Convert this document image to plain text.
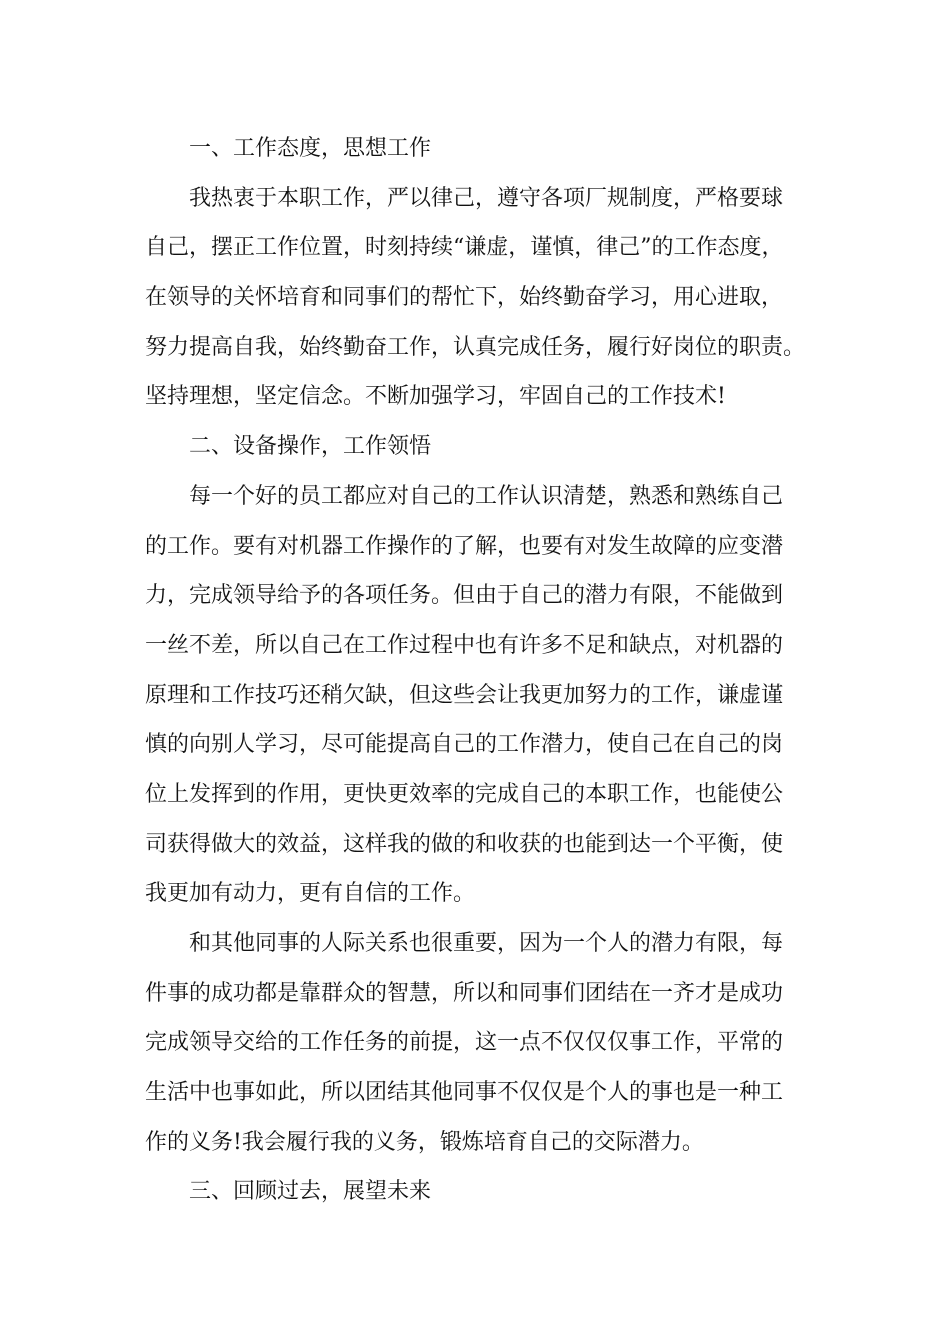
一、工作态度，思想工作
我热衷于本职工作，严以律己，遵守各项厂规制度，严格要球
自己，摆正工作位置，时刻持续“谦虚，谨慎，律己”的工作态度，
在领导的关怀培育和同事们的帮忙下，始终勤奋学习，用心进取，
努力提高自我，始终勤奋工作，认真完成任务，履行好岗位的职责。
坚持理想，坚定信念。不断加强学习，牢固自己的工作技术!
二、设备操作，工作领悟
每一个好的员工都应对自己的工作认识清楚，熟悉和熟练自己
的工作。要有对机器工作操作的了解，也要有对发生故障的应变潜
力，完成领导给予的各项任务。但由于自己的潜力有限，不能做到
一丝不差，所以自己在工作过程中也有许多不足和缺点，对机器的
原理和工作技巧还稍欠缺，但这些会让我更加努力的工作，谦虚谨
慎的向别人学习，尽可能提高自己的工作潜力，使自己在自己的岗
位上发挥到的作用，更快更效率的完成自己的本职工作，也能使公
司获得做大的效益，这样我的做的和收获的也能到达一个平衡，使
我更加有动力，更有自信的工作。
和其他同事的人际关系也很重要，因为一个人的潜力有限，每
件事的成功都是靠群众的智慧，所以和同事们团结在一齐才是成功
完成领导交给的工作任务的前提，这一点不仅仅仅事工作，平常的
生活中也事如此，所以团结其他同事不仅仅是个人的事也是一种工
作的义务!我会履行我的义务，锻炼培育自己的交际潜力。
三、回顾过去，展望未来
